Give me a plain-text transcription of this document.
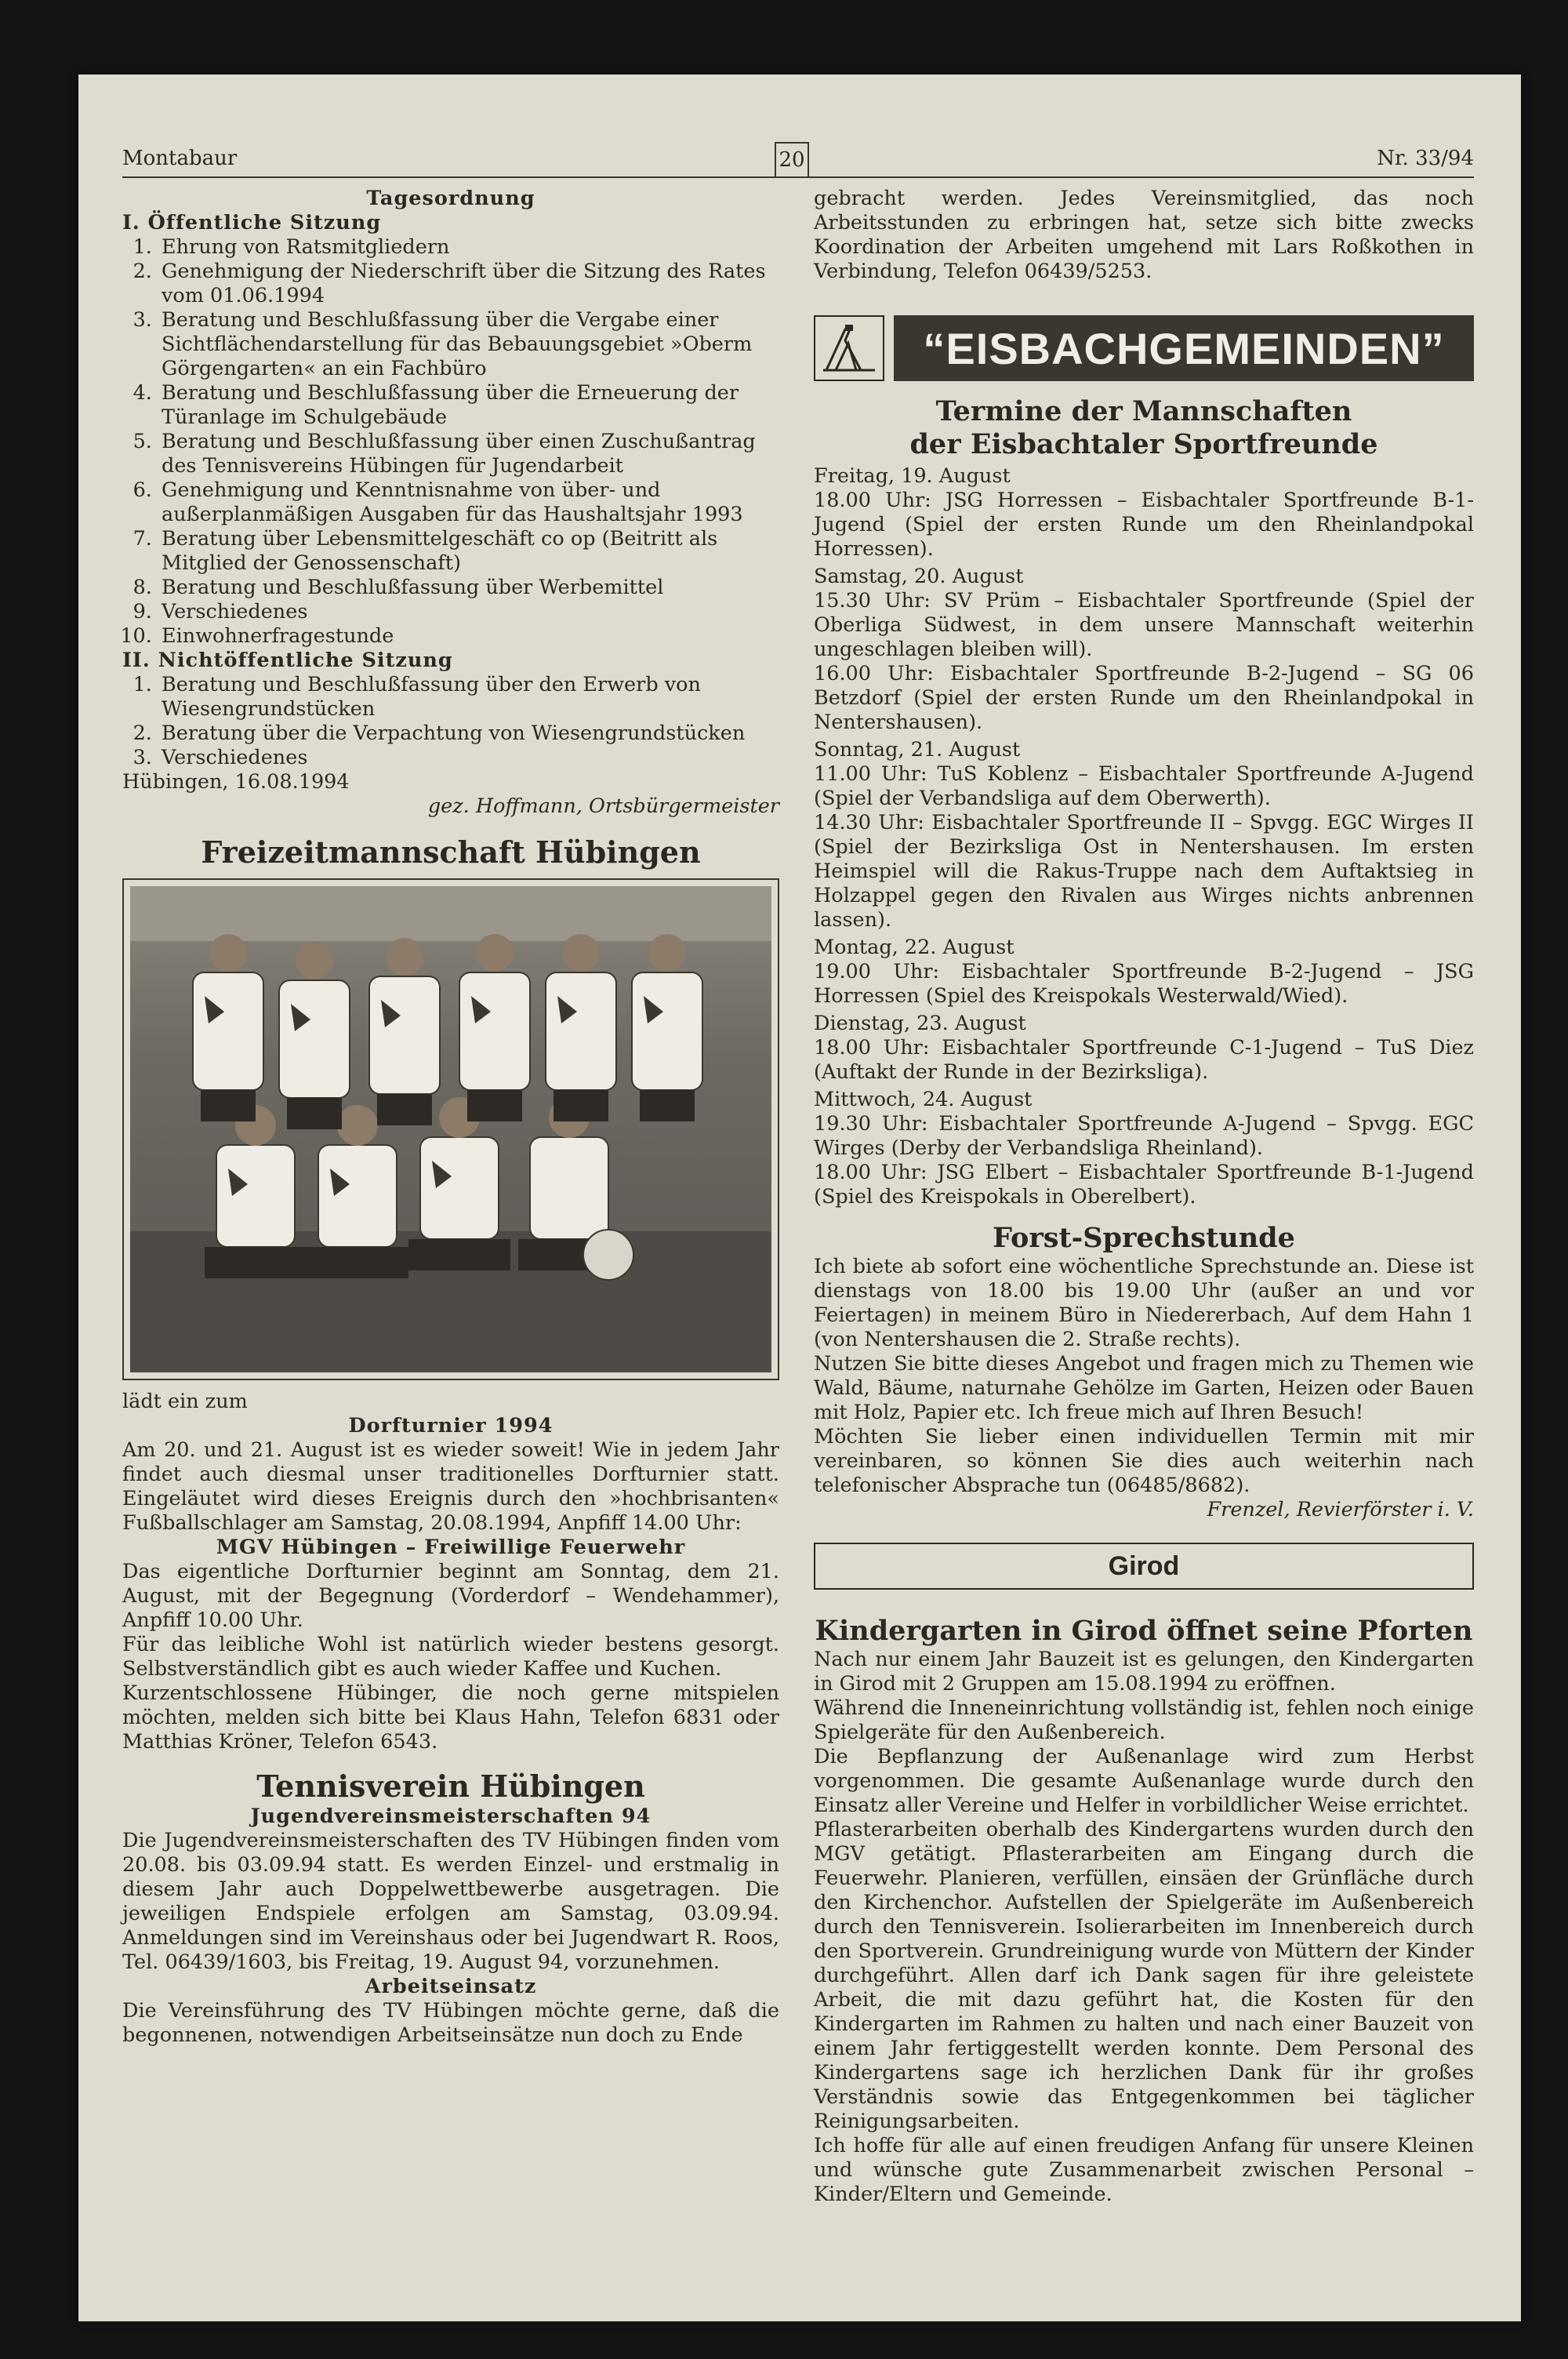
Montabaur	20	Nr. 33/94

Tagesordnung

I. Öffentliche Sitzung

1. Ehrung von Ratsmitgliedern
2. Genehmigung der Niederschrift über die Sitzung des Rates vom 01.06.1994
3. Beratung und Beschlußfassung über die Vergabe einer Sichtflächendarstellung für das Bebauungsgebiet »Oberm Görgengarten« an ein Fachbüro
4. Beratung und Beschlußfassung über die Erneuerung der Türanlage im Schulgebäude
5. Beratung und Beschlußfassung über einen Zuschußantrag des Tennisvereins Hübingen für Jugendarbeit
6. Genehmigung und Kenntnisnahme von über- und außerplanmäßigen Ausgaben für das Haushaltsjahr 1993
7. Beratung über Lebensmittelgeschäft co op (Beitritt als Mitglied der Genossenschaft)
8. Beratung und Beschlußfassung über Werbemittel
9. Verschiedenes
10. Einwohnerfragestunde

II. Nichtöffentliche Sitzung

1. Beratung und Beschlußfassung über den Erwerb von Wiesengrundstücken
2. Beratung über die Verpachtung von Wiesengrundstücken
3. Verschiedenes

Hübingen, 16.08.1994

gez. Hoffmann, Ortsbürgermeister

Freizeitmannschaft Hübingen

lädt ein zum

Dorfturnier 1994

Am 20. und 21. August ist es wieder soweit! Wie in jedem Jahr findet auch diesmal unser traditionelles Dorfturnier statt. Eingeläutet wird dieses Ereignis durch den »hochbrisanten« Fußballschlager am Samstag, 20.08.1994, Anpfiff 14.00 Uhr:

MGV Hübingen – Freiwillige Feuerwehr

Das eigentliche Dorfturnier beginnt am Sonntag, dem 21. August, mit der Begegnung (Vorderdorf – Wendehammer), Anpfiff 10.00 Uhr.

Für das leibliche Wohl ist natürlich wieder bestens gesorgt. Selbstverständlich gibt es auch wieder Kaffee und Kuchen.

Kurzentschlossene Hübinger, die noch gerne mitspielen möchten, melden sich bitte bei Klaus Hahn, Telefon 6831 oder Matthias Kröner, Telefon 6543.

Tennisverein Hübingen

Jugendvereinsmeisterschaften 94

Die Jugendvereinsmeisterschaften des TV Hübingen finden vom 20.08. bis 03.09.94 statt. Es werden Einzel- und erstmalig in diesem Jahr auch Doppelwettbewerbe ausgetragen. Die jeweiligen Endspiele erfolgen am Samstag, 03.09.94. Anmeldungen sind im Vereinshaus oder bei Jugendwart R. Roos, Tel. 06439/1603, bis Freitag, 19. August 94, vorzunehmen.

Arbeitseinsatz

Die Vereinsführung des TV Hübingen möchte gerne, daß die begonnenen, notwendigen Arbeitseinsätze nun doch zu Ende

gebracht werden. Jedes Vereinsmitglied, das noch Arbeitsstunden zu erbringen hat, setze sich bitte zwecks Koordination der Arbeiten umgehend mit Lars Roßkothen in Verbindung, Telefon 06439/5253.

“EISBACHGEMEINDEN”

Termine der Mannschaften

der Eisbachtaler Sportfreunde

Freitag, 19. August

18.00 Uhr: JSG Horressen – Eisbachtaler Sportfreunde B-1-Jugend (Spiel der ersten Runde um den Rheinlandpokal Horressen).

Samstag, 20. August

15.30 Uhr: SV Prüm – Eisbachtaler Sportfreunde (Spiel der Oberliga Südwest, in dem unsere Mannschaft weiterhin ungeschlagen bleiben will).

16.00 Uhr: Eisbachtaler Sportfreunde B-2-Jugend – SG 06 Betzdorf (Spiel der ersten Runde um den Rheinlandpokal in Nentershausen).

Sonntag, 21. August

11.00 Uhr: TuS Koblenz – Eisbachtaler Sportfreunde A-Jugend (Spiel der Verbandsliga auf dem Oberwerth).

14.30 Uhr: Eisbachtaler Sportfreunde II – Spvgg. EGC Wirges II (Spiel der Bezirksliga Ost in Nentershausen. Im ersten Heimspiel will die Rakus-Truppe nach dem Auftaktsieg in Holzappel gegen den Rivalen aus Wirges nichts anbrennen lassen).

Montag, 22. August

19.00 Uhr: Eisbachtaler Sportfreunde B-2-Jugend – JSG Horressen (Spiel des Kreispokals Westerwald/Wied).

Dienstag, 23. August

18.00 Uhr: Eisbachtaler Sportfreunde C-1-Jugend – TuS Diez (Auftakt der Runde in der Bezirksliga).

Mittwoch, 24. August

19.30 Uhr: Eisbachtaler Sportfreunde A-Jugend – Spvgg. EGC Wirges (Derby der Verbandsliga Rheinland).

18.00 Uhr: JSG Elbert – Eisbachtaler Sportfreunde B-1-Jugend (Spiel des Kreispokals in Oberelbert).

Forst-Sprechstunde

Ich biete ab sofort eine wöchentliche Sprechstunde an. Diese ist dienstags von 18.00 bis 19.00 Uhr (außer an und vor Feiertagen) in meinem Büro in Niedererbach, Auf dem Hahn 1 (von Nentershausen die 2. Straße rechts).

Nutzen Sie bitte dieses Angebot und fragen mich zu Themen wie Wald, Bäume, naturnahe Gehölze im Garten, Heizen oder Bauen mit Holz, Papier etc. Ich freue mich auf Ihren Besuch!

Möchten Sie lieber einen individuellen Termin mit mir vereinbaren, so können Sie dies auch weiterhin nach telefonischer Absprache tun (06485/8682).

Frenzel, Revierförster i. V.

Girod

Kindergarten in Girod öffnet seine Pforten

Nach nur einem Jahr Bauzeit ist es gelungen, den Kindergarten in Girod mit 2 Gruppen am 15.08.1994 zu eröffnen.

Während die Inneneinrichtung vollständig ist, fehlen noch einige Spielgeräte für den Außenbereich.

Die Bepflanzung der Außenanlage wird zum Herbst vorgenommen. Die gesamte Außenanlage wurde durch den Einsatz aller Vereine und Helfer in vorbildlicher Weise errichtet.

Pflasterarbeiten oberhalb des Kindergartens wurden durch den MGV getätigt. Pflasterarbeiten am Eingang durch die Feuerwehr. Planieren, verfüllen, einsäen der Grünfläche durch den Kirchenchor. Aufstellen der Spielgeräte im Außenbereich durch den Tennisverein. Isolierarbeiten im Innenbereich durch den Sportverein. Grundreinigung wurde von Müttern der Kinder durchgeführt. Allen darf ich Dank sagen für ihre geleistete Arbeit, die mit dazu geführt hat, die Kosten für den Kindergarten im Rahmen zu halten und nach einer Bauzeit von einem Jahr fertiggestellt werden konnte. Dem Personal des Kindergartens sage ich herzlichen Dank für ihr großes Verständnis sowie das Entgegenkommen bei täglicher Reinigungsarbeiten.

Ich hoffe für alle auf einen freudigen Anfang für unsere Kleinen und wünsche gute Zusammenarbeit zwischen Personal – Kinder/Eltern und Gemeinde.
